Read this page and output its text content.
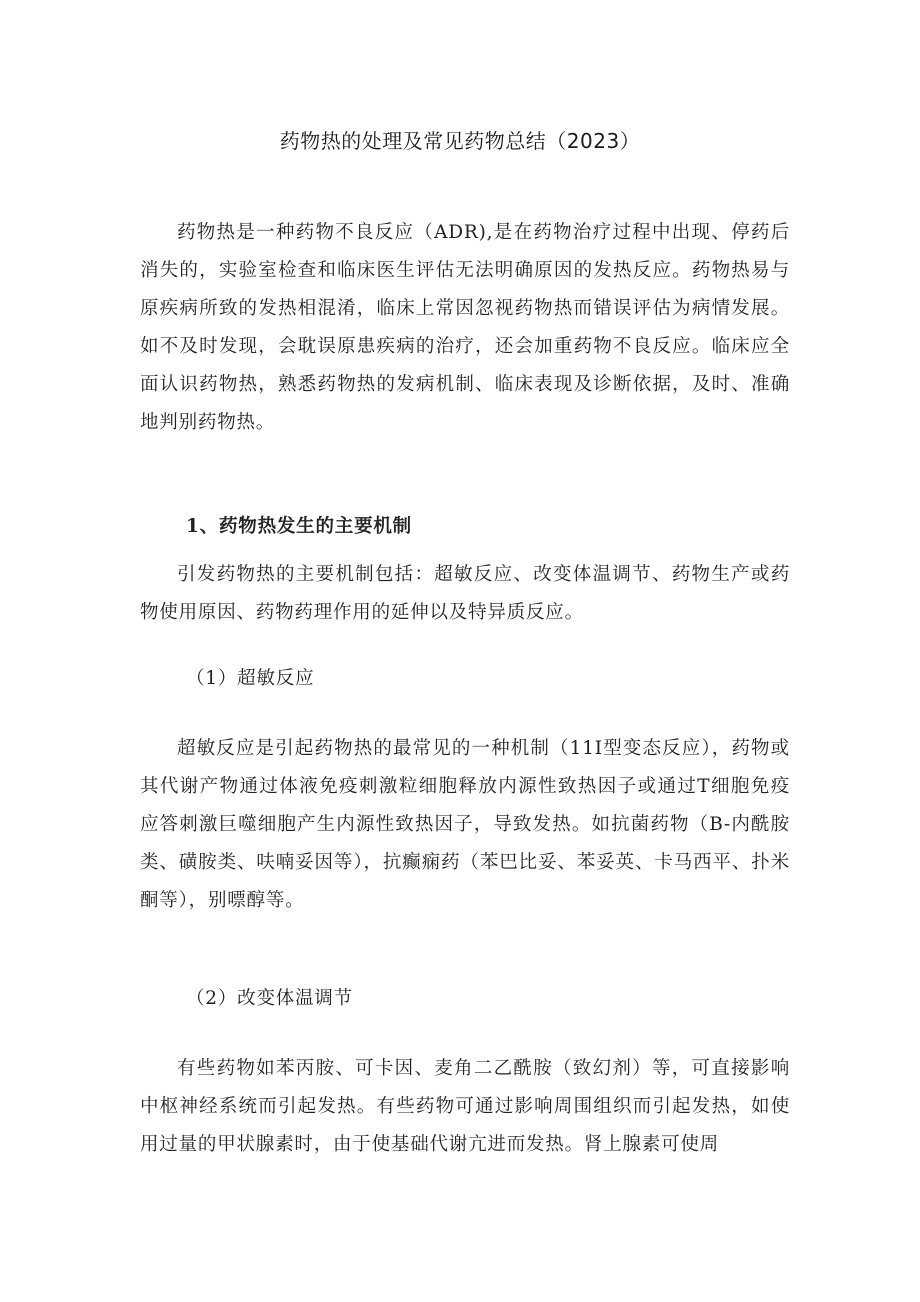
药物热的处理及常见药物总结（2023）
药物热是一种药物不良反应（ADR),是在药物治疗过程中出现、停药后消失的，实验室检查和临床医生评估无法明确原因的发热反应。药物热易与原疾病所致的发热相混淆，临床上常因忽视药物热而错误评估为病情发展。如不及时发现，会耽误原患疾病的治疗，还会加重药物不良反应。临床应全面认识药物热，熟悉药物热的发病机制、临床表现及诊断依据，及时、准确地判别药物热。
1、药物热发生的主要机制
引发药物热的主要机制包括：超敏反应、改变体温调节、药物生产或药物使用原因、药物药理作用的延伸以及特异质反应。
（1）超敏反应
超敏反应是引起药物热的最常见的一种机制（11I型变态反应），药物或其代谢产物通过体液免疫刺激粒细胞释放内源性致热因子或通过T细胞免疫应答刺激巨噬细胞产生内源性致热因子，导致发热。如抗菌药物（B-内酰胺类、磺胺类、呋喃妥因等），抗癫痫药（苯巴比妥、苯妥英、卡马西平、扑米酮等），别嘌醇等。
（2）改变体温调节
有些药物如苯丙胺、可卡因、麦角二乙酰胺（致幻剂）等，可直接影响中枢神经系统而引起发热。有些药物可通过影响周围组织而引起发热，如使用过量的甲状腺素时，由于使基础代谢亢进而发热。肾上腺素可使周
